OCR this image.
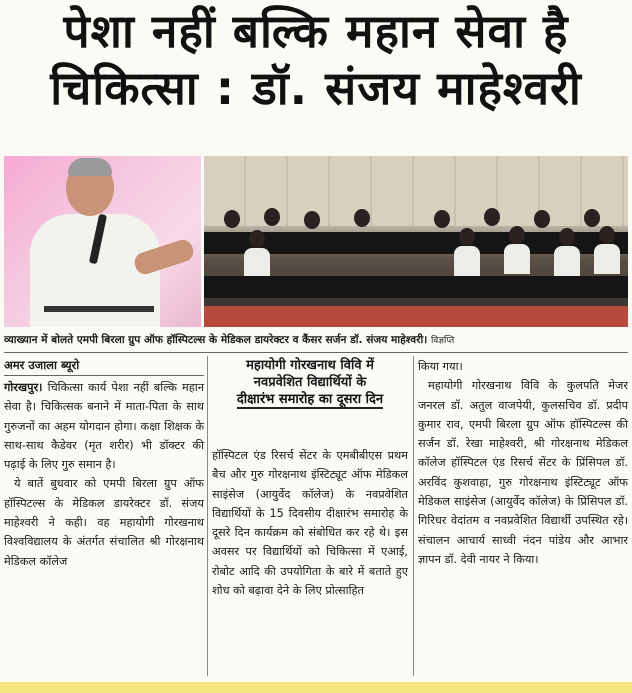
पेशा नहीं बल्कि महान सेवा है
चिकित्सा : डॉ. संजय माहेश्वरी
व्याख्यान में बोलते एमपी बिरला ग्रुप ऑफ हॉस्पिटल्स के मेडिकल डायरेक्टर व कैंसर सर्जन डॉ. संजय माहेश्वरी। विज्ञप्ति
अमर उजाला ब्यूरो	महायोगी गोरखनाथ विवि में
नवप्रवेशित विद्यार्थियों के
दीक्षारंभ समारोह का दूसरा दिन

गोरखपुर। चिकित्सा कार्य पेशा नहीं बल्कि महान सेवा है। चिकित्सक बनाने में माता-पिता के साथ गुरुजनों का अहम योगदान होगा। कक्षा शिक्षक के साथ-साथ कैडेवर (मृत शरीर) भी डॉक्टर की पढ़ाई के लिए गुरु समान है।

ये बातें बुधवार को एमपी बिरला ग्रुप ऑफ हॉस्पिटल्स के मेडिकल डायरेक्टर डॉ. संजय माहेश्वरी ने कही। वह महायोगी गोरखनाथ विश्वविद्यालय के अंतर्गत संचालित श्री गोरक्षनाथ मेडिकल कॉलेज

हॉस्पिटल एंड रिसर्च सेंटर के एमबीबीएस प्रथम बैच और गुरु गोरक्षनाथ इंस्टिट्यूट ऑफ मेडिकल साइंसेज (आयुर्वेद कॉलेज) के नवप्रवेशित विद्यार्थियों के 15 दिवसीय दीक्षारंभ समारोह के दूसरे दिन कार्यक्रम को संबोधित कर रहे थे। इस अवसर पर विद्यार्थियों को चिकित्सा में एआई, रोबोट आदि की उपयोगिता के बारे में बताते हुए शोध को बढ़ावा देने के लिए प्रोत्साहित

किया गया।

महायोगी गोरखनाथ विवि के कुलपति मेजर जनरल डॉ. अतुल वाजपेयी, कुलसचिव डॉ. प्रदीप कुमार राव, एमपी बिरला ग्रुप ऑफ हॉस्पिटल्स की सर्जन डॉ. रेखा माहेश्वरी, श्री गोरक्षनाथ मेडिकल कॉलेज हॉस्पिटल एंड रिसर्च सेंटर के प्रिंसिपल डॉ. अरविंद कुशवाहा, गुरु गोरक्षनाथ इंस्टिट्यूट ऑफ मेडिकल साइंसेज (आयुर्वेद कॉलेज) के प्रिंसिपल डॉ. गिरिधर वेदांतम व नवप्रवेशित विद्यार्थी उपस्थित रहे। संचालन आचार्य साध्वी नंदन पांडेय और आभार ज्ञापन डॉ. देवी नायर ने किया।
